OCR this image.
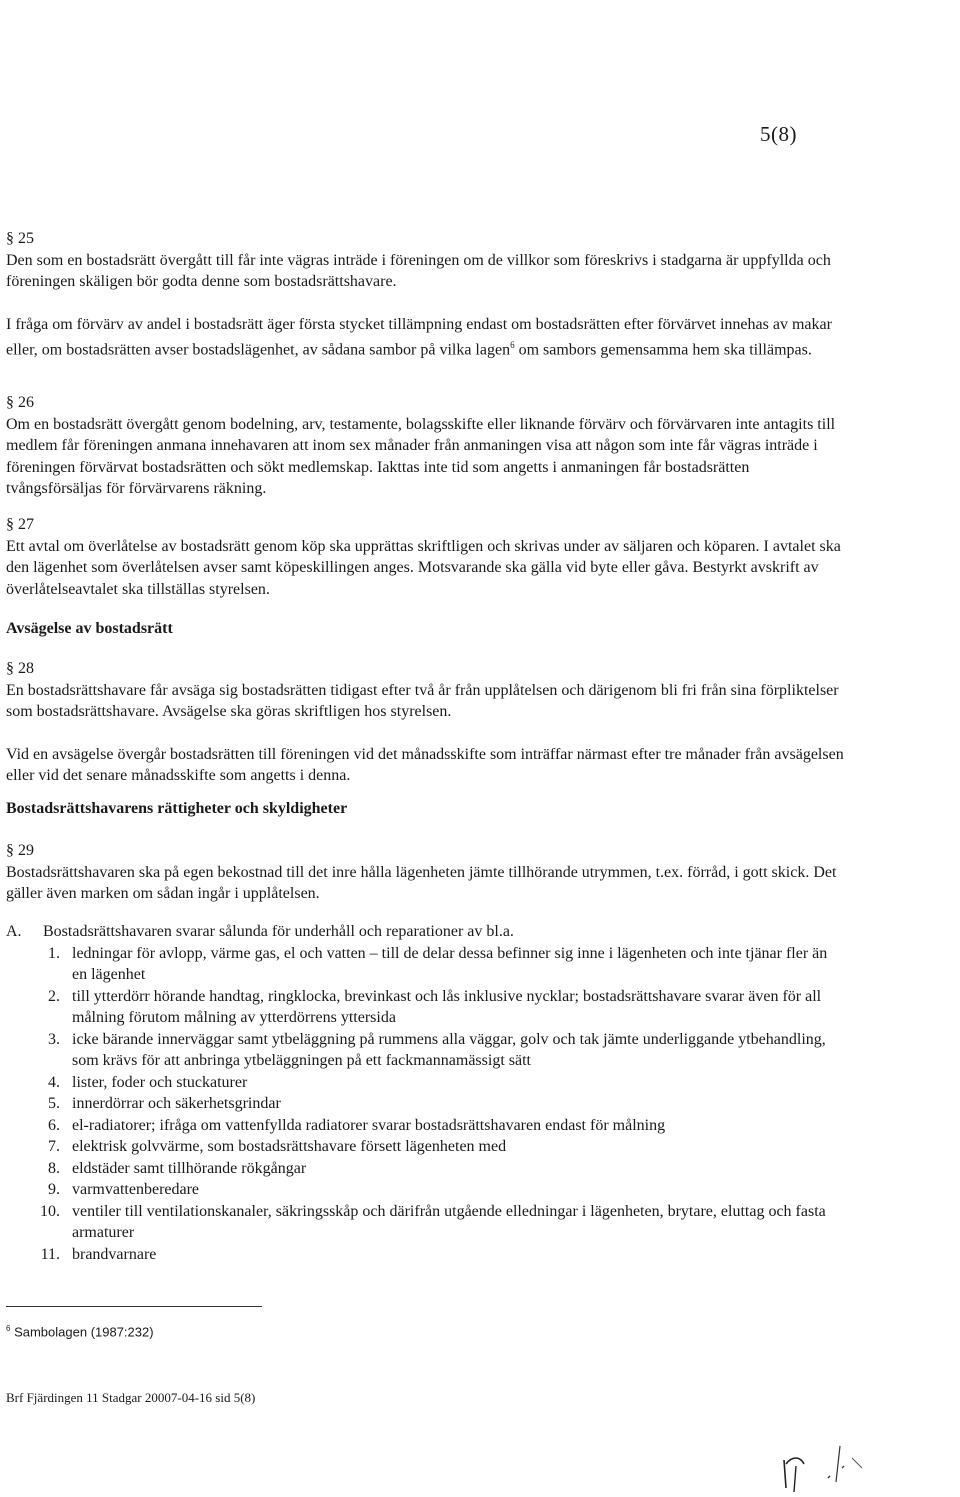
5(8)
§ 25

Den som en bostadsrätt övergått till får inte vägras inträde i föreningen om de villkor som föreskrivs i stadgarna är uppfyllda och föreningen skäligen bör godta denne som bostadsrättshavare.

I fråga om förvärv av andel i bostadsrätt äger första stycket tillämpning endast om bostadsrätten efter förvärvet innehas av makar eller, om bostadsrätten avser bostadslägenhet, av sådana sambor på vilka lagen$^6$ om sambors gemensamma hem ska tillämpas.

§ 26

Om en bostadsrätt övergått genom bodelning, arv, testamente, bolagsskifte eller liknande förvärv och förvärvaren inte antagits till medlem får föreningen anmana innehavaren att inom sex månader från anmaningen visa att någon som inte får vägras inträde i föreningen förvärvat bostadsrätten och sökt medlemskap. Iakttas inte tid som angetts i anmaningen får bostadsrätten tvångsförsäljas för förvärvarens räkning.

§ 27

Ett avtal om överlåtelse av bostadsrätt genom köp ska upprättas skriftligen och skrivas under av säljaren och köparen. I avtalet ska den lägenhet som överlåtelsen avser samt köpeskillingen anges. Motsvarande ska gälla vid byte eller gåva. Bestyrkt avskrift av överlåtelseavtalet ska tillställas styrelsen.

Avsägelse av bostadsrätt
§ 28

En bostadsrättshavare får avsäga sig bostadsrätten tidigast efter två år från upplåtelsen och därigenom bli fri från sina förpliktelser som bostadsrättshavare. Avsägelse ska göras skriftligen hos styrelsen.

Vid en avsägelse övergår bostadsrätten till föreningen vid det månadsskifte som inträffar närmast efter tre månader från avsägelsen eller vid det senare månadsskifte som angetts i denna.

Bostadsrättshavarens rättigheter och skyldigheter
§ 29

Bostadsrättshavaren ska på egen bekostnad till det inre hålla lägenheten jämte tillhörande utrymmen, t.ex. förråd, i gott skick. Det gäller även marken om sådan ingår i upplåtelsen.

A.	Bostadsrättshavaren svarar sålunda för underhåll och reparationer av bl.a.
1. ledningar för avlopp, värme gas, el och vatten – till de delar dessa befinner sig inne i lägenheten och inte tjänar fler än en lägenhet
2. till ytterdörr hörande handtag, ringklocka, brevinkast och lås inklusive nycklar; bostadsrättshavare svarar även för all målning förutom målning av ytterdörrens yttersida
3. icke bärande innerväggar samt ytbeläggning på rummens alla väggar, golv och tak jämte underliggande ytbehandling, som krävs för att anbringa ytbeläggningen på ett fackmannamässigt sätt
4. lister, foder och stuckaturer
5. innerdörrar och säkerhetsgrindar
6. el-radiatorer; ifråga om vattenfyllda radiatorer svarar bostadsrättshavaren endast för målning
7. elektrisk golvvärme, som bostadsrättshavare försett lägenheten med
8. eldstäder samt tillhörande rökgångar
9. varmvattenberedare
10. ventiler till ventilationskanaler, säkringsskåp och därifrån utgående elledningar i lägenheten, brytare, eluttag och fasta armaturer
11. brandvarnare
$^6$ Sambolagen (1987:232)
Brf Fjärdingen 11 Stadgar 20007-04-16 sid 5(8)
